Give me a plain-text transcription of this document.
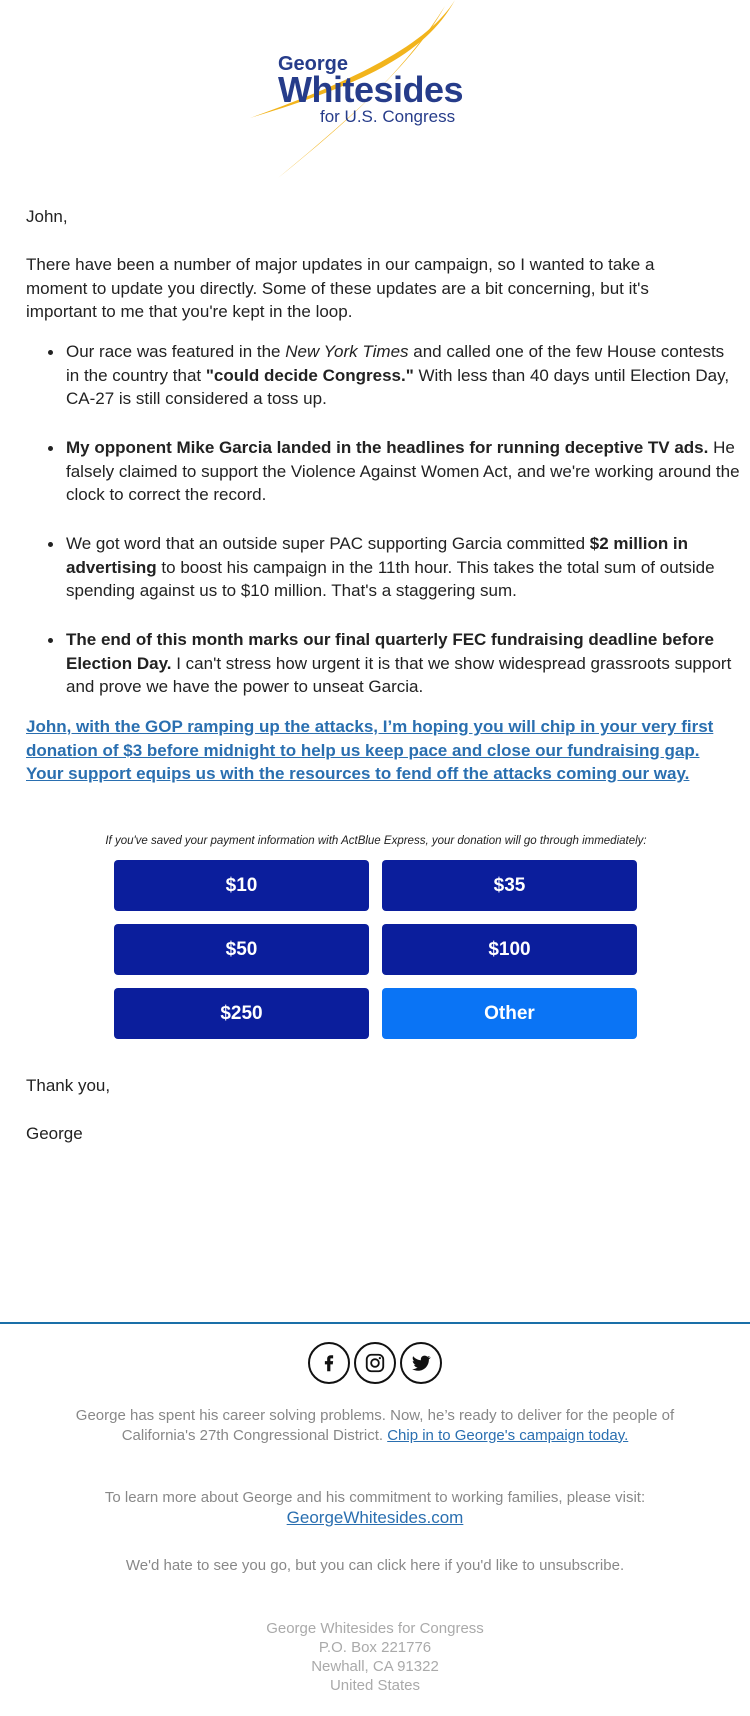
George
Whitesides
for U.S. Congress
John,
There have been a number of major updates in our campaign, so I wanted to take a moment to update you directly. Some of these updates are a bit concerning, but it's important to me that you're kept in the loop.
Our race was featured in the New York Times and called one of the few House contests in the country that "could decide Congress." With less than 40 days until Election Day, CA-27 is still considered a toss up.
My opponent Mike Garcia landed in the headlines for running deceptive TV ads. He falsely claimed to support the Violence Against Women Act, and we're working around the clock to correct the record.
We got word that an outside super PAC supporting Garcia committed $2 million in advertising to boost his campaign in the 11th hour. This takes the total sum of outside spending against us to $10 million. That's a staggering sum.
The end of this month marks our final quarterly FEC fundraising deadline before Election Day. I can't stress how urgent it is that we show widespread grassroots support and prove we have the power to unseat Garcia.
John, with the GOP ramping up the attacks, I’m hoping you will chip in your very first donation of $3 before midnight to help us keep pace and close our fundraising gap. Your support equips us with the resources to fend off the attacks coming our way.
If you've saved your payment information with ActBlue Express, your donation will go through immediately:
$10	$35
$50	$100
$250	Other
Thank you,
George
George has spent his career solving problems. Now, he’s ready to deliver for the people of California's 27th Congressional District. Chip in to George's campaign today.
To learn more about George and his commitment to working families, please visit:
GeorgeWhitesides.com
We'd hate to see you go, but you can click here if you'd like to unsubscribe.
George Whitesides for Congress
P.O. Box 221776
Newhall, CA 91322
United States
